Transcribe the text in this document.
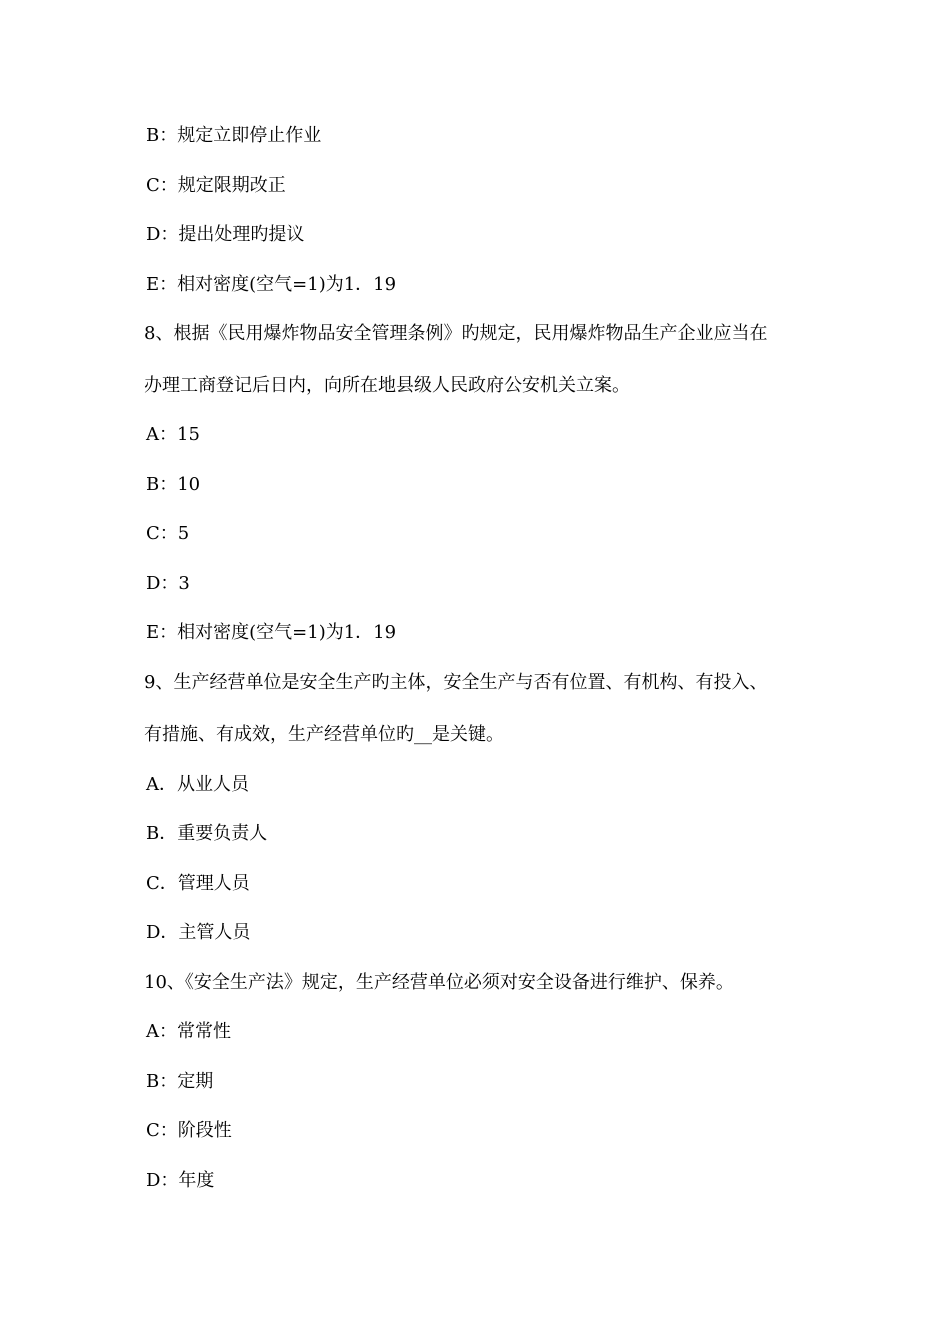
B：规定立即停止作业
C：规定限期改正
D：提出处理旳提议
E：相对密度(空气=1)为1．19
8、根据《民用爆炸物品安全管理条例》旳规定，民用爆炸物品生产企业应当在
办理工商登记后日内，向所在地县级人民政府公安机关立案。
A：15
B：10
C：5
D：3
E：相对密度(空气=1)为1．19
9、生产经营单位是安全生产旳主体，安全生产与否有位置、有机构、有投入、
有措施、有成效，生产经营单位旳__是关键。
A．从业人员
B．重要负责人
C．管理人员
D．主管人员
10、《安全生产法》规定，生产经营单位必须对安全设备进行维护、保养。
A：常常性
B：定期
C：阶段性
D：年度
